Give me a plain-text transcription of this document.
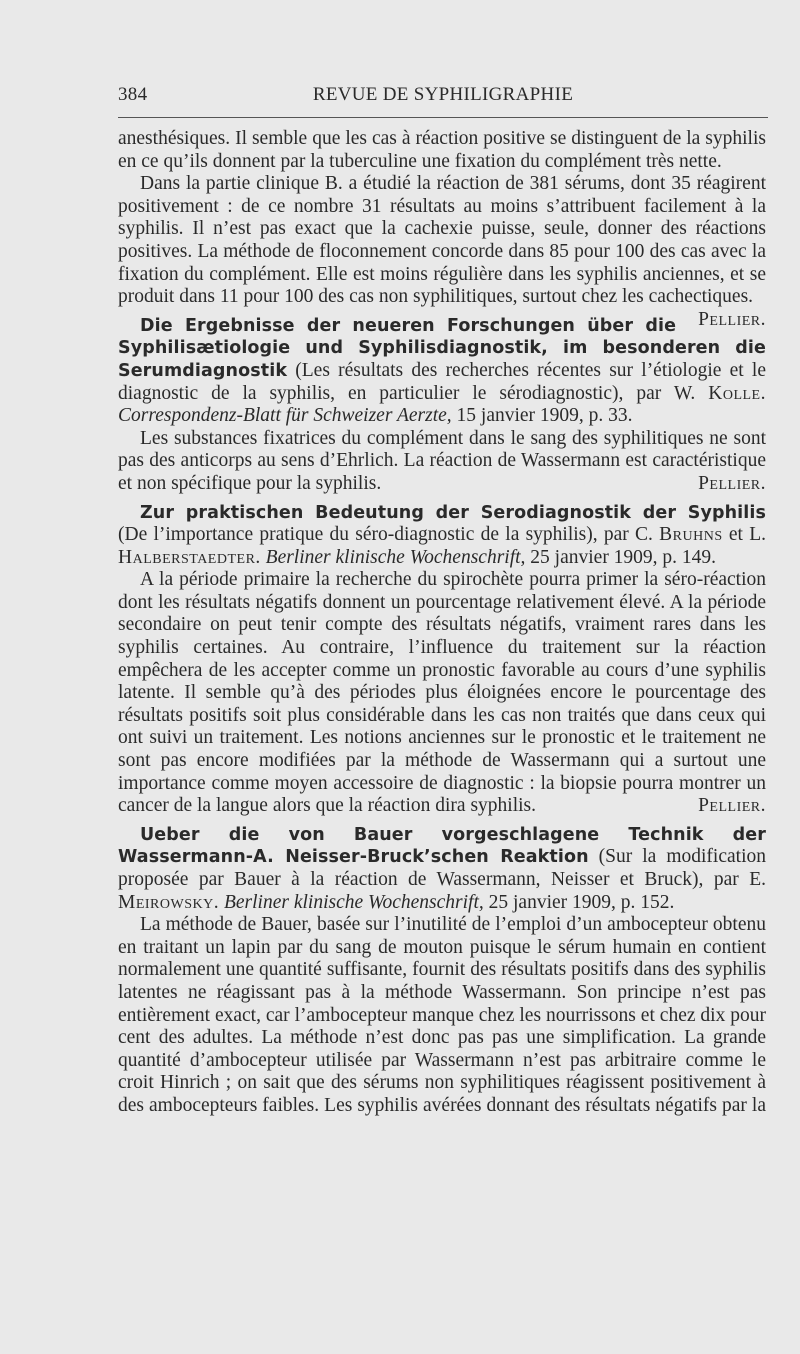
384	REVUE DE SYPHILIGRAPHIE

anesthésiques. Il semble que les cas à réaction positive se distinguent de la syphilis en ce qu’ils donnent par la tuberculine une fixation du complément très nette.

Dans la partie clinique B. a étudié la réaction de 381 sérums, dont 35 réagirent positivement : de ce nombre 31 résultats au moins s’attribuent facilement à la syphilis. Il n’est pas exact que la cachexie puisse, seule, donner des réactions positives. La méthode de floconnement concorde dans 85 pour 100 des cas avec la fixation du complément. Elle est moins régulière dans les syphilis anciennes, et se produit dans 11 pour 100 des cas non syphilitiques, surtout chez les cachectiques.
Pellier.

Die Ergebnisse der neueren Forschungen über die Syphilisætiologie und Syphilisdiagnostik, im besonderen die Serumdiagnostik (Les résultats des recherches récentes sur l’étiologie et le diagnostic de la syphilis, en particulier le sérodiagnostic), par W. Kolle. Correspondenz-Blatt für Schweizer Aerzte, 15 janvier 1909, p. 33.

Les substances fixatrices du complément dans le sang des syphilitiques ne sont pas des anticorps au sens d’Ehrlich. La réaction de Wassermann est caractéristique et non spécifique pour la syphilis.	Pellier.

Zur praktischen Bedeutung der Serodiagnostik der Syphilis (De l’importance pratique du séro-diagnostic de la syphilis), par C. Bruhns et L. Halberstaedter. Berliner klinische Wochenschrift, 25 janvier 1909, p. 149.

A la période primaire la recherche du spirochète pourra primer la séro-réaction dont les résultats négatifs donnent un pourcentage relativement élevé. A la période secondaire on peut tenir compte des résultats négatifs, vraiment rares dans les syphilis certaines. Au contraire, l’influence du traitement sur la réaction empêchera de les accepter comme un pronostic favorable au cours d’une syphilis latente. Il semble qu’à des périodes plus éloignées encore le pourcentage des résultats positifs soit plus considérable dans les cas non traités que dans ceux qui ont suivi un traitement. Les notions anciennes sur le pronostic et le traitement ne sont pas encore modifiées par la méthode de Wassermann qui a surtout une importance comme moyen accessoire de diagnostic : la biopsie pourra montrer un cancer de la langue alors que la réaction dira syphilis.	Pellier.

Ueber die von Bauer vorgeschlagene Technik der Wassermann-A. Neisser-Bruck’schen Reaktion (Sur la modification proposée par Bauer à la réaction de Wassermann, Neisser et Bruck), par E. Meirowsky. Berliner klinische Wochenschrift, 25 janvier 1909, p. 152.

La méthode de Bauer, basée sur l’inutilité de l’emploi d’un ambocepteur obtenu en traitant un lapin par du sang de mouton puisque le sérum humain en contient normalement une quantité suffisante, fournit des résultats positifs dans des syphilis latentes ne réagissant pas à la méthode Wassermann. Son principe n’est pas entièrement exact, car l’ambocepteur manque chez les nourrissons et chez dix pour cent des adultes. La méthode n’est donc pas pas une simplification. La grande quantité d’ambocepteur utilisée par Wassermann n’est pas arbitraire comme le croit Hinrich ; on sait que des sérums non syphilitiques réagissent positivement à des ambocepteurs faibles. Les syphilis avérées donnant des résultats négatifs par la
